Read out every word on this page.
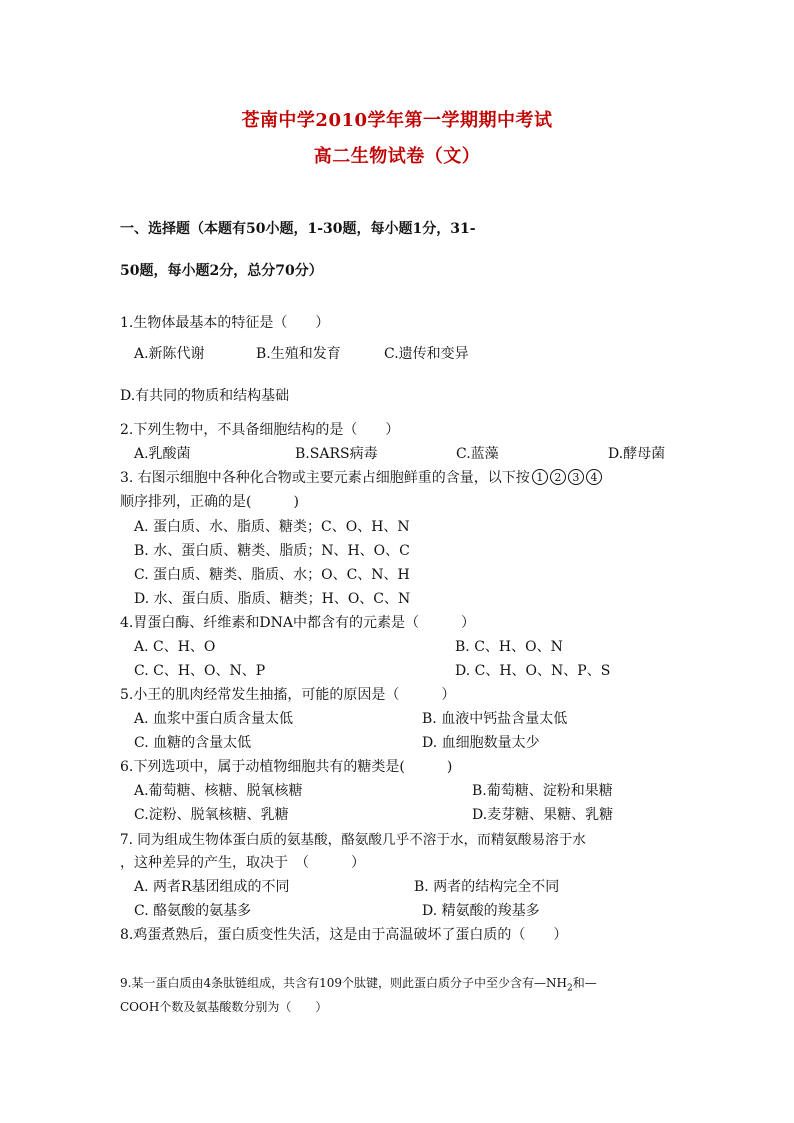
苍南中学2010学年第一学期期中考试
高二生物试卷（文）
一、选择题（本题有50小题，1-30题，每小题1分，31-
50题，每小题2分，总分70分）
1.生物体最基本的特征是（　　）
A.新陈代谢	B.生殖和发育	C.遗传和变异
D.有共同的物质和结构基础
2.下列生物中，不具备细胞结构的是（　　）
A.乳酸菌	B.SARS病毒	C.蓝藻	D.酵母菌
3. 右图示细胞中各种化合物或主要元素占细胞鲜重的含量，以下按 1 2 3 4
顺序排列，正确的是(　　　)
A. 蛋白质、水、脂质、糖类；C、O、H、N
B. 水、蛋白质、糖类、脂质；N、H、O、C
C. 蛋白质、糖类、脂质、水；O、C、N、H
D. 水、蛋白质、脂质、糖类；H、O、C、N
4.胃蛋白酶、纤维素和DNA中都含有的元素是（　　　）
A. C、H、O	B. C、H、O、N
C. C、H、O、N、P	D. C、H、O、N、P、S
5.小王的肌肉经常发生抽搐，可能的原因是（　　　）
A. 血浆中蛋白质含量太低	B. 血液中钙盐含量太低
C. 血糖的含量太低	D. 血细胞数量太少
6.下列选项中，属于动植物细胞共有的糖类是(　　　)
A.葡萄糖、核糖、脱氧核糖	B.葡萄糖、淀粉和果糖
C.淀粉、脱氧核糖、乳糖	D.麦芽糖、果糖、乳糖
7. 同为组成生物体蛋白质的氨基酸，酪氨酸几乎不溶于水，而精氨酸易溶于水
，这种差异的产生，取决于　（　　　）
A. 两者R基团组成的不同	B. 两者的结构完全不同
C. 酪氨酸的氨基多	D. 精氨酸的羧基多
8.鸡蛋煮熟后，蛋白质变性失活，这是由于高温破坏了蛋白质的（　　）
9.某一蛋白质由4条肽链组成，共含有109个肽键，则此蛋白质分子中至少含有$—NH_2$和—
COOH个数及氨基酸数分别为（　　）
